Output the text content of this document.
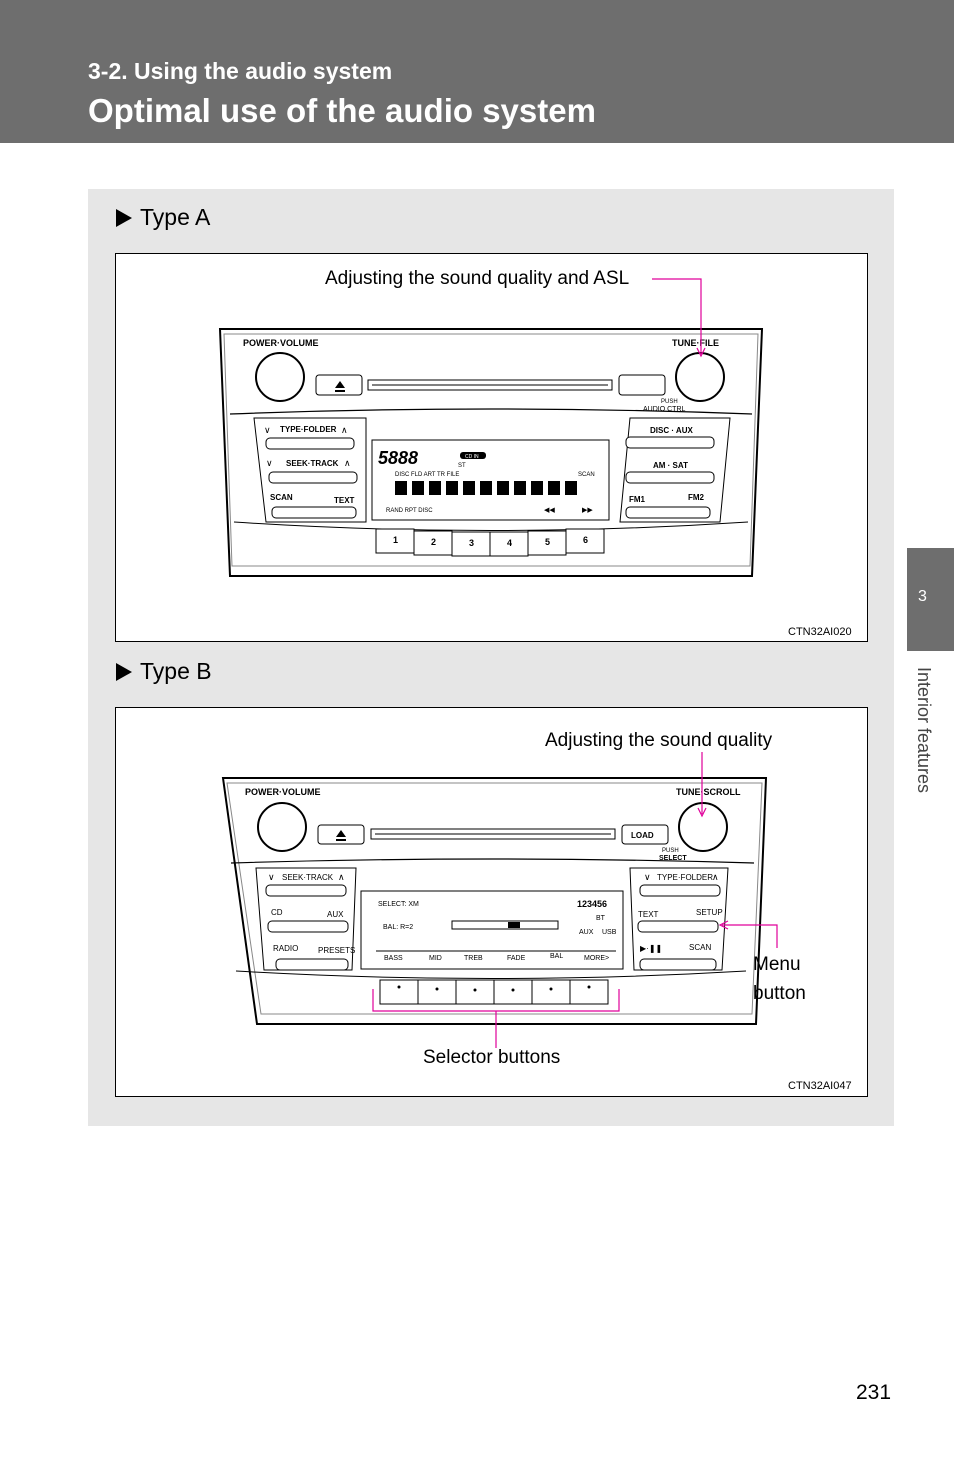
3-2. Using the audio system
Optimal use of the audio system
Type A
POWER·VOLUME	TUNE·FILE
PUSH
AUDIO CTRL
∨	∧
TYPE·FOLDER
∨	∧
SEEK·TRACK
SCAN	TEXT
DISC · AUX
AM · SAT
FM1	FM2
5888	CD IN
ST
DISC FLD ART TR FILE	SCAN
RAND RPT DISC	◀◀	▶▶
1	2	3	4	5	6
Adjusting the sound quality and ASL
CTN32AI020
Type B
POWER·VOLUME	TUNE·SCROLL
LOAD
PUSH
SELECT
∨	∧
SEEK·TRACK
CD	AUX
RADIO PRESETS
∨	∧
TYPE·FOLDER
TEXT	SETUP
▶·❚❚	SCAN
SELECT: XM
BAL: R=2
123456
BT
AUX USB
BASS	MID	TREB	FADE	BAL	MORE>
Adjusting the sound quality
Menu
button
Selector buttons
CTN32AI047
3
Interior features
231
